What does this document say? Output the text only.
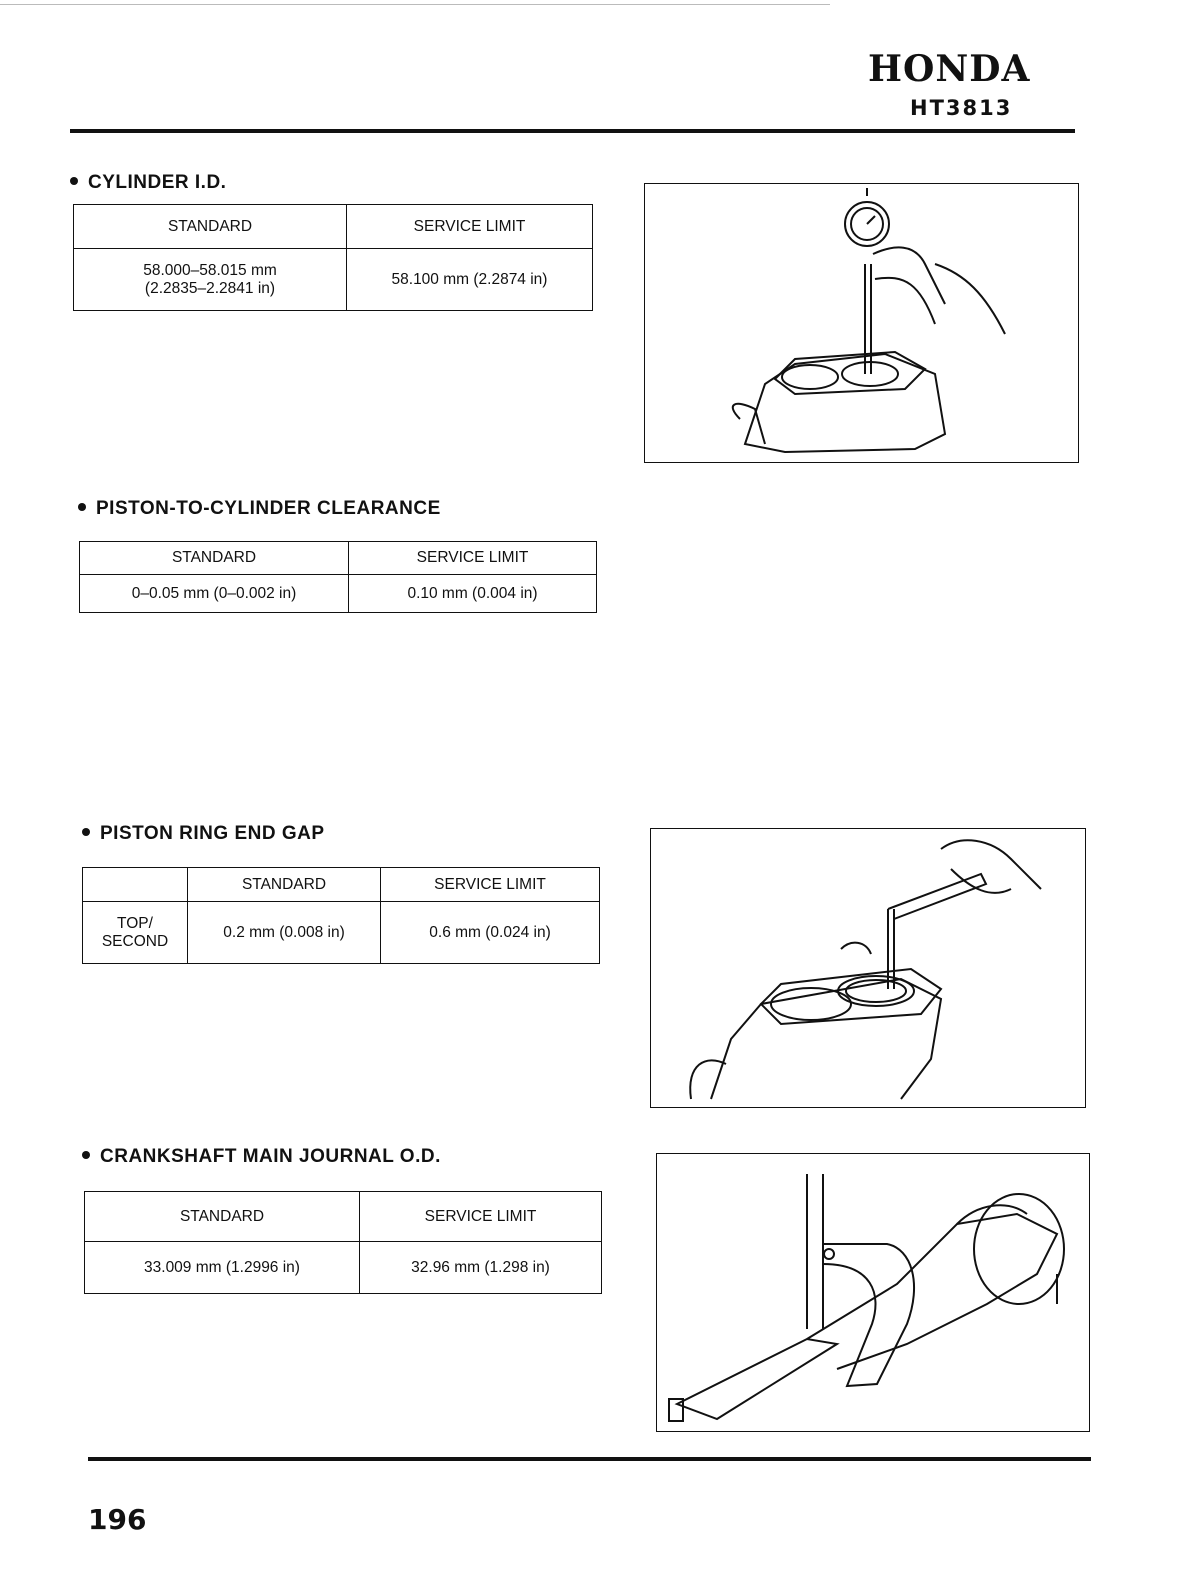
HONDA
HT3813
CYLINDER I.D.
STANDARD	SERVICE LIMIT

58.000–58.015 mm
(2.2835–2.2841 in)	58.100 mm (2.2874 in)
PISTON-TO-CYLINDER CLEARANCE
STANDARD	SERVICE LIMIT
0–0.05 mm (0–0.002 in)	0.10 mm (0.004 in)
PISTON RING END GAP
	STANDARD	SERVICE LIMIT

TOP/
SECOND	0.2 mm (0.008 in)	0.6 mm (0.024 in)
CRANKSHAFT MAIN JOURNAL O.D.
STANDARD	SERVICE LIMIT
33.009 mm (1.2996 in)	32.96 mm (1.298 in)
196
